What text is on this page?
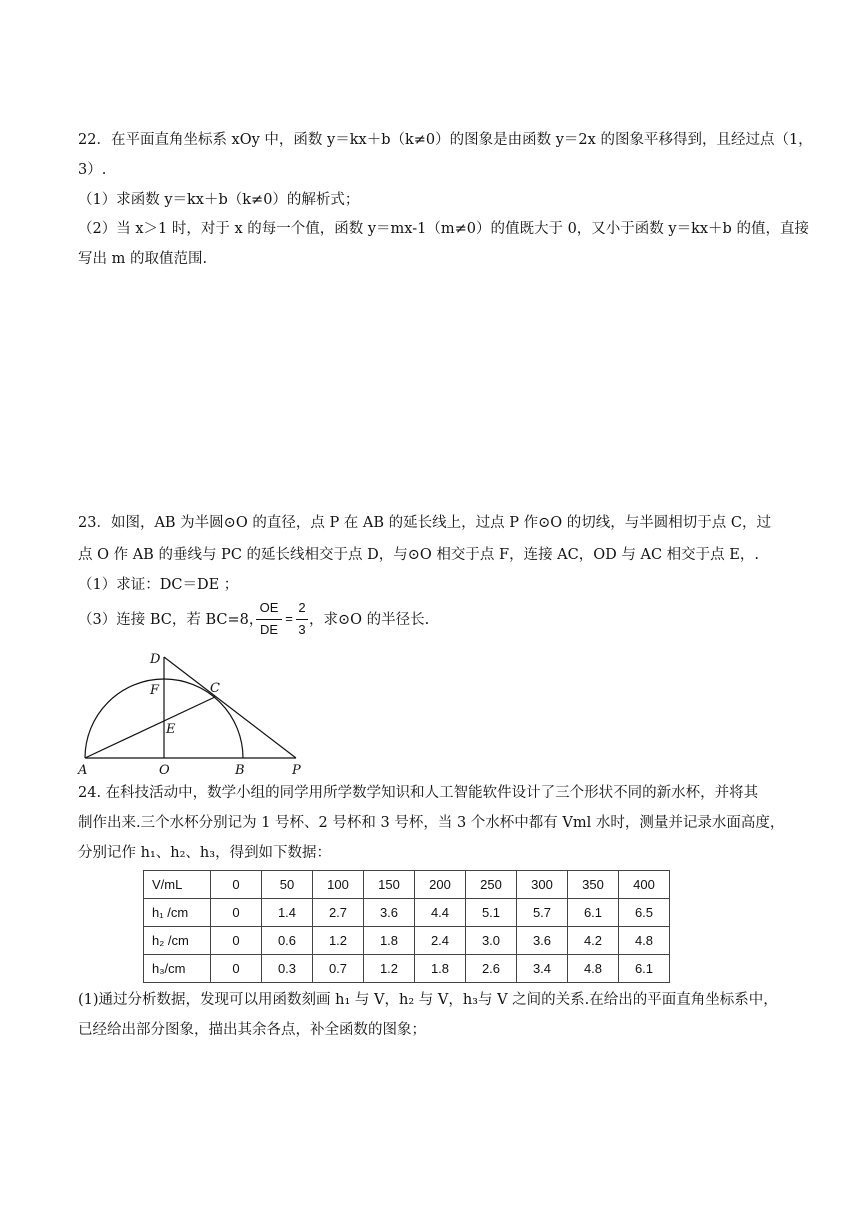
22．在平面直角坐标系 xOy 中，函数 y＝kx＋b（k≠0）的图象是由函数 y＝2x 的图象平移得到，且经过点（1，
3）.
（1）求函数 y＝kx＋b（k≠0）的解析式；
（2）当 x＞1 时，对于 x 的每一个值，函数 y＝mx-1（m≠0）的值既大于 0，又小于函数 y＝kx＋b 的值，直接
写出 m 的取值范围.
23．如图，AB 为半圆⊙O 的直径，点 P 在 AB 的延长线上，过点 P 作⊙O 的切线，与半圆相切于点 C，过
点 O 作 AB 的垂线与 PC 的延长线相交于点 D，与⊙O 相交于点 F，连接 AC，OD 与 AC 相交于点 E，.
（1）求证：DC＝DE ；
（3）连接 BC，若 BC=8，
OE
DE
=
2
3
，求⊙O 的半径长.
D
F	C
E
A	O	B	P
24. 在科技活动中，数学小组的同学用所学数学知识和人工智能软件设计了三个形状不同的新水杯，并将其
制作出来.三个水杯分别记为 1 号杯、2 号杯和 3 号杯，当 3 个水杯中都有 Vml 水时，测量并记录水面高度，
分别记作 h₁、h₂、h₃，得到如下数据：
V/mL	0	50	100	150	200	250	300	350	400
h₁ /cm	0	1.4	2.7	3.6	4.4	5.1	5.7	6.1	6.5
h₂ /cm	0	0.6	1.2	1.8	2.4	3.0	3.6	4.2	4.8
h₃/cm	0	0.3	0.7	1.2	1.8	2.6	3.4	4.8	6.1
(1)通过分析数据，发现可以用函数刻画 h₁ 与 V，h₂ 与 V，h₃与 V 之间的关系.在给出的平面直角坐标系中，
已经给出部分图象，描出其余各点，补全函数的图象；
